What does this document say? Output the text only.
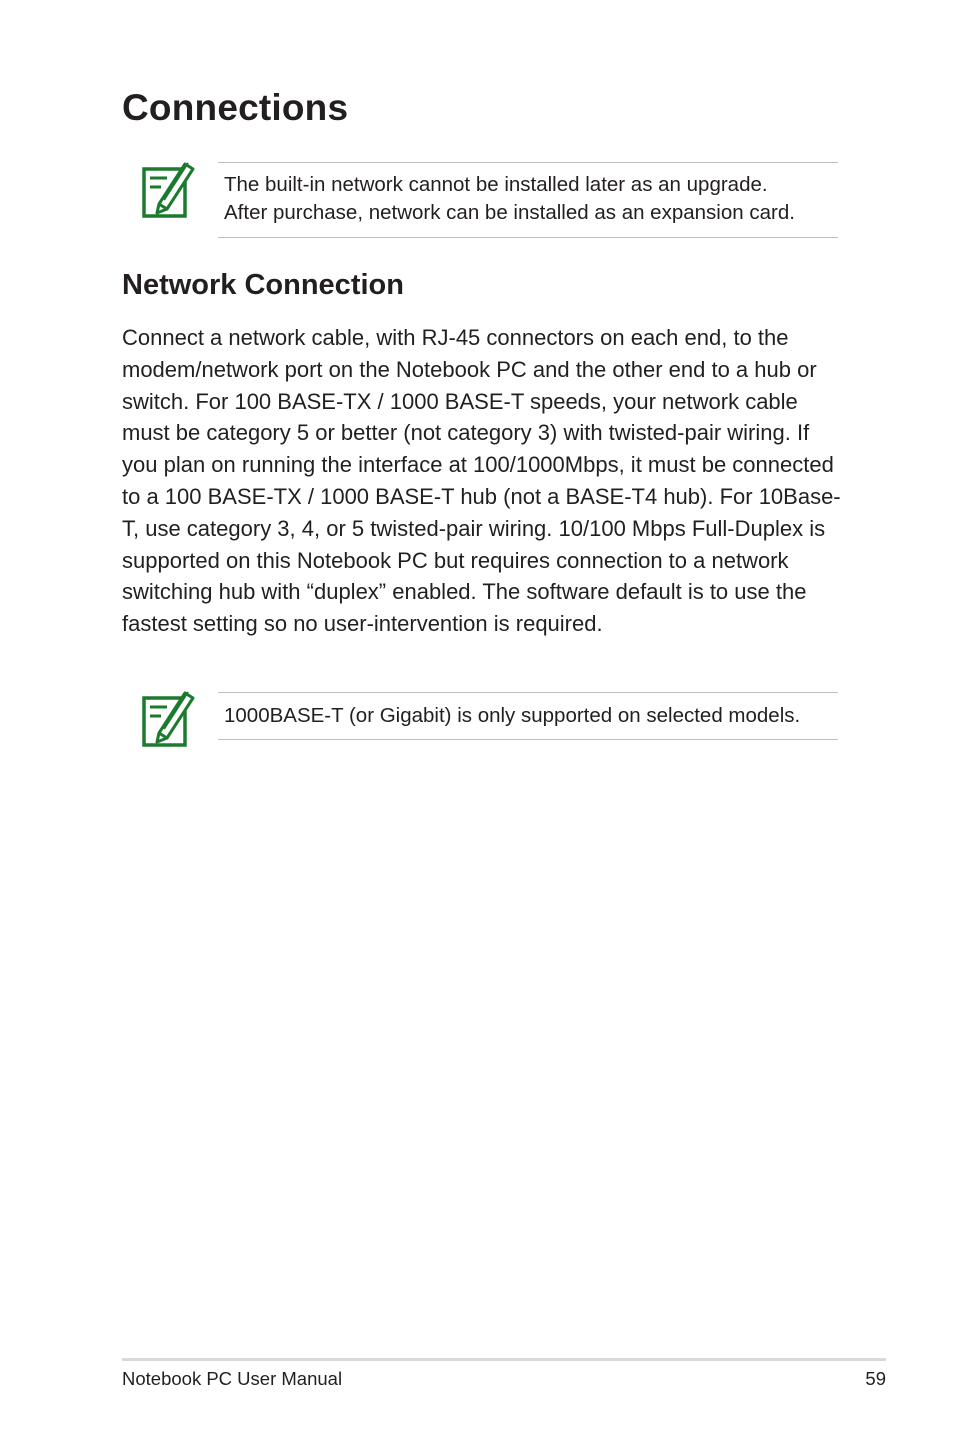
Connections

The built-in network cannot be installed later as an upgrade.

After purchase, network can be installed as an expansion card.

Network Connection

Connect a network cable, with RJ-45 connectors on each end, to the modem/network port on the Notebook PC and the other end to a hub or switch. For 100 BASE-TX / 1000 BASE-T speeds, your network cable must be category 5 or better (not category 3) with twisted-pair wiring. If you plan on running the interface at 100/1000Mbps, it must be connected to a 100 BASE-TX / 1000 BASE-T hub (not a BASE-T4 hub). For 10Base-T, use category 3, 4, or 5 twisted-pair wiring. 10/100 Mbps Full-Duplex is supported on this Notebook PC but requires connection to a network switching hub with “duplex” enabled. The software default is to use the fastest setting so no user-intervention is required.

1000BASE-T (or Gigabit) is only supported on selected models.

Notebook PC User Manual	59
